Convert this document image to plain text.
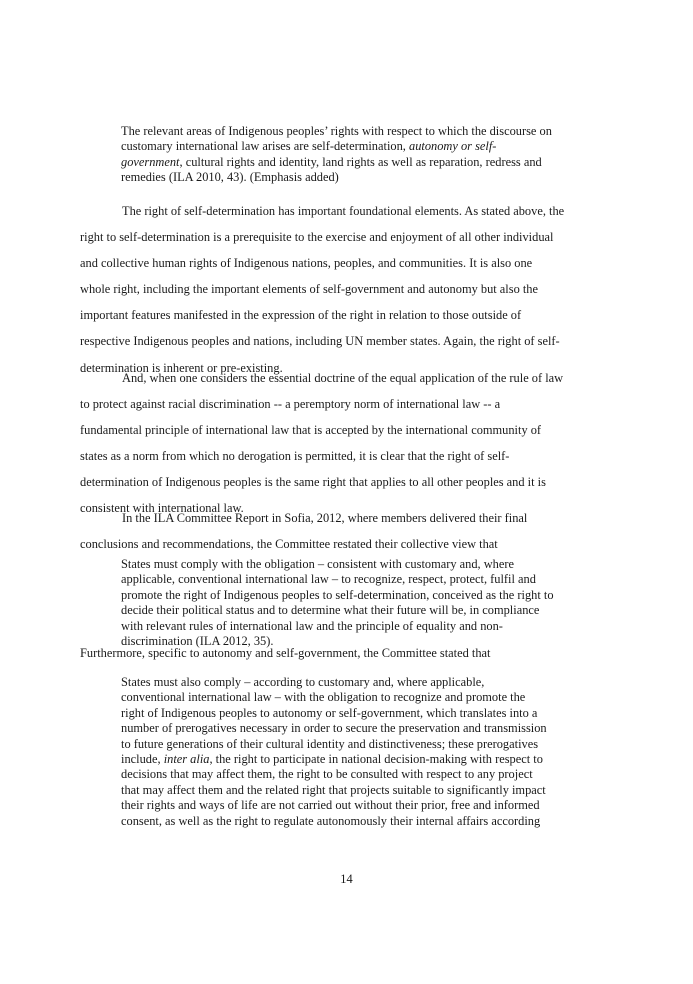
The relevant areas of Indigenous peoples’ rights with respect to which the discourse on
customary international law arises are self-determination, autonomy or self-
government, cultural rights and identity, land rights as well as reparation, redress and
remedies (ILA 2010, 43). (Emphasis added)
The right of self-determination has important foundational elements. As stated above, the
right to self-determination is a prerequisite to the exercise and enjoyment of all other individual
and collective human rights of Indigenous nations, peoples, and communities. It is also one
whole right, including the important elements of self-government and autonomy but also the
important features manifested in the expression of the right in relation to those outside of
respective Indigenous peoples and nations, including UN member states. Again, the right of self-
determination is inherent or pre-existing.
And, when one considers the essential doctrine of the equal application of the rule of law
to protect against racial discrimination -- a peremptory norm of international law -- a
fundamental principle of international law that is accepted by the international community of
states as a norm from which no derogation is permitted, it is clear that the right of self-
determination of Indigenous peoples is the same right that applies to all other peoples and it is
consistent with international law.
In the ILA Committee Report in Sofia, 2012, where members delivered their final
conclusions and recommendations, the Committee restated their collective view that
States must comply with the obligation – consistent with customary and, where
applicable, conventional international law – to recognize, respect, protect, fulfil and
promote the right of Indigenous peoples to self-determination, conceived as the right to
decide their political status and to determine what their future will be, in compliance
with relevant rules of international law and the principle of equality and non-
discrimination (ILA 2012, 35).
Furthermore, specific to autonomy and self-government, the Committee stated that
States must also comply – according to customary and, where applicable,
conventional international law – with the obligation to recognize and promote the
right of Indigenous peoples to autonomy or self-government, which translates into a
number of prerogatives necessary in order to secure the preservation and transmission
to future generations of their cultural identity and distinctiveness; these prerogatives
include, inter alia, the right to participate in national decision-making with respect to
decisions that may affect them, the right to be consulted with respect to any project
that may affect them and the related right that projects suitable to significantly impact
their rights and ways of life are not carried out without their prior, free and informed
consent, as well as the right to regulate autonomously their internal affairs according
14
